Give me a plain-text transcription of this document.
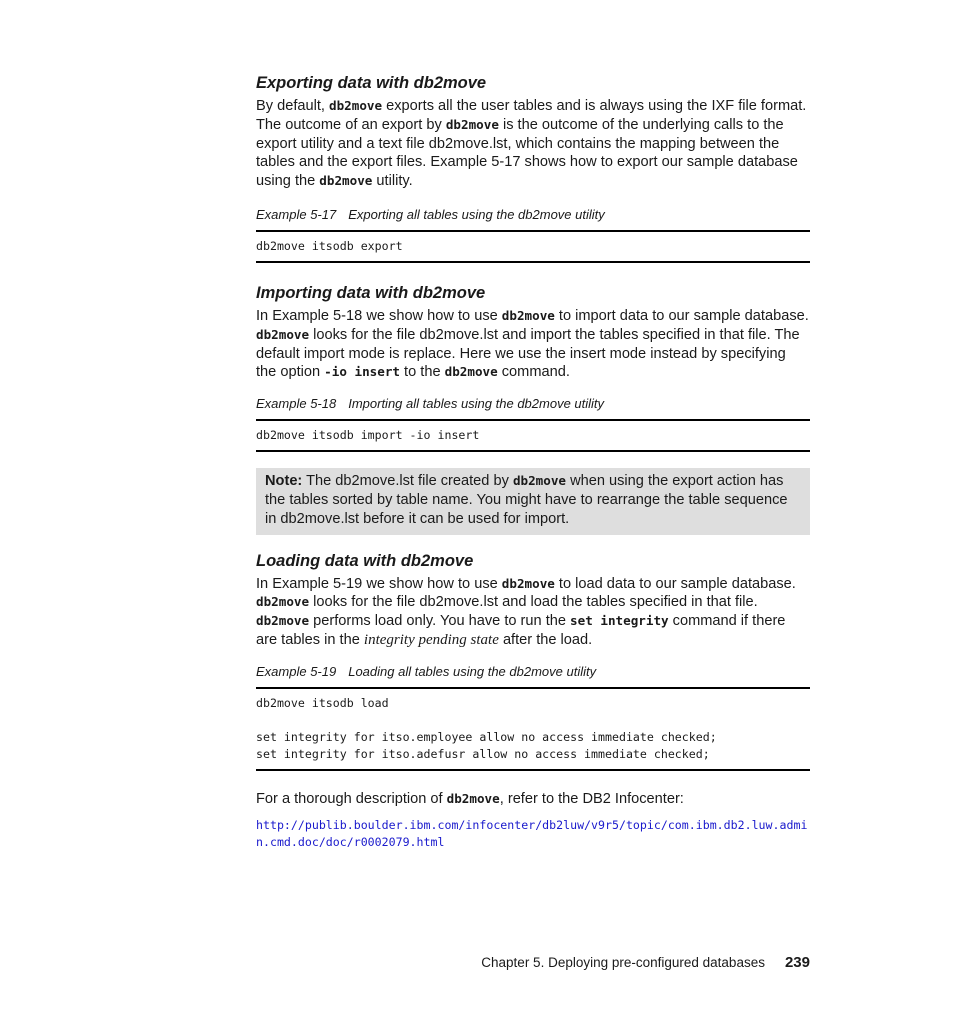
Exporting data with db2move

By default, db2move exports all the user tables and is always using the IXF file format. The outcome of an export by db2move is the outcome of the underlying calls to the export utility and a text file db2move.lst, which contains the mapping between the tables and the export files. Example 5-17 shows how to export our sample database using the db2move utility.

Example 5-17 Exporting all tables using the db2move utility

db2move itsodb export
Importing data with db2move

In Example 5-18 we show how to use db2move to import data to our sample database. db2move looks for the file db2move.lst and import the tables specified in that file. The default import mode is replace. Here we use the insert mode instead by specifying the option -io insert to the db2move command.

Example 5-18 Importing all tables using the db2move utility

db2move itsodb import -io insert
Note: The db2move.lst file created by db2move when using the export action has the tables sorted by table name. You might have to rearrange the table sequence in db2move.lst before it can be used for import.
Loading data with db2move

In Example 5-19 we show how to use db2move to load data to our sample database. db2move looks for the file db2move.lst and load the tables specified in that file. db2move performs load only. You have to run the set integrity command if there are tables in the integrity pending state after the load.

Example 5-19 Loading all tables using the db2move utility

db2move itsodb load

set integrity for itso.employee allow no access immediate checked;
set integrity for itso.adefusr allow no access immediate checked;

For a thorough description of db2move, refer to the DB2 Infocenter:

http://publib.boulder.ibm.com/infocenter/db2luw/v9r5/topic/com.ibm.db2.luw.admin.cmd.doc/doc/r0002079.html
Chapter 5. Deploying pre-configured databases 239
